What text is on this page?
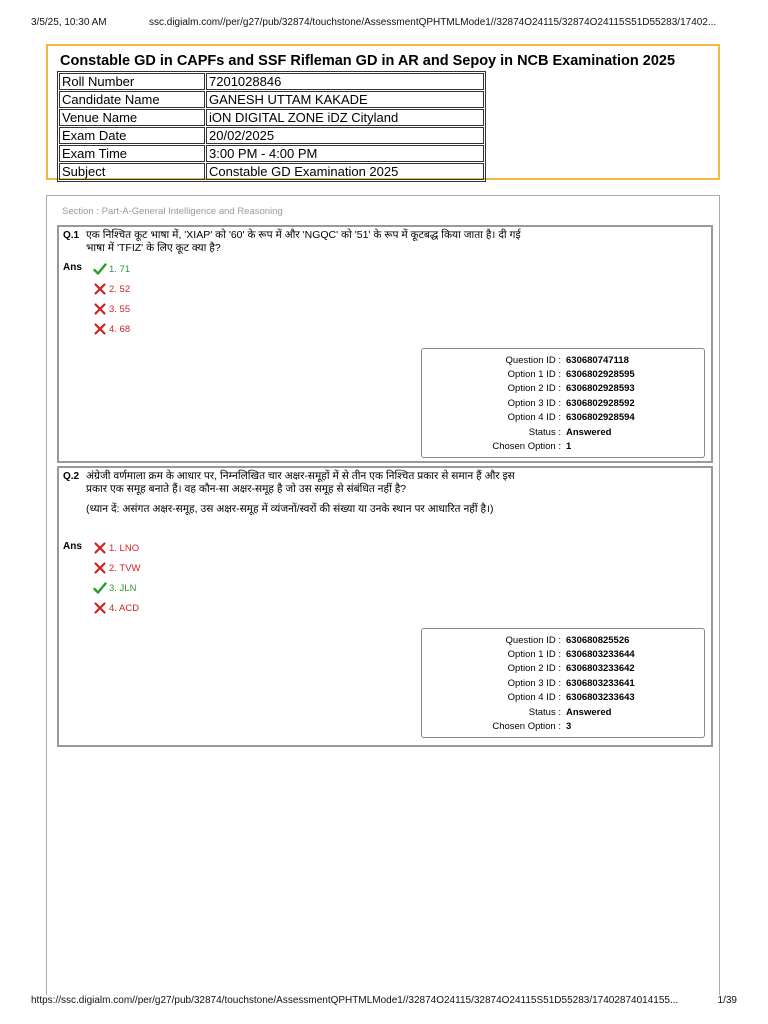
3/5/25, 10:30 AM	ssc.digialm.com//per/g27/pub/32874/touchstone/AssessmentQPHTMLMode1//32874O24115/32874O24115S51D55283/17402...
Constable GD in CAPFs and SSF Rifleman GD in AR and Sepoy in NCB Examination 2025
Roll Number	7201028846
Candidate Name	GANESH UTTAM KAKADE
Venue Name	iON DIGITAL ZONE iDZ Cityland
Exam Date	20/02/2025
Exam Time	3:00 PM - 4:00 PM
Subject	Constable GD Examination 2025
Section : Part-A-General Intelligence and Reasoning
Q.1 एक निश्चित कूट भाषा में, 'XIAP' को '60' के रूप में और 'NGQC' को '51' के रूप में कूटबद्ध किया जाता है। दी गई भाषा में 'TFIZ' के लिए कूट क्या है?

Ans	1. 71
2. 52
3. 55
4. 68
Question ID : 630680747118
Option 1 ID : 6306802928595
Option 2 ID : 6306802928593
Option 3 ID : 6306802928592
Option 4 ID : 6306802928594
Status : Answered
Chosen Option : 1
Q.2 अंग्रेजी वर्णमाला क्रम के आधार पर, निम्नलिखित चार अक्षर-समूहों में से तीन एक निश्चित प्रकार से समान हैं और इस प्रकार एक समूह बनाते हैं। वह कौन-सा अक्षर-समूह है जो उस समूह से संबंधित नहीं है?

(ध्यान दें: असंगत अक्षर-समूह, उस अक्षर-समूह में व्यंजनों/स्वरों की संख्या या उनके स्थान पर आधारित नहीं है।)

Ans	1. LNO
2. TVW
3. JLN
4. ACD
Question ID : 630680825526
Option 1 ID : 6306803233644
Option 2 ID : 6306803233642
Option 3 ID : 6306803233641
Option 4 ID : 6306803233643
Status : Answered
Chosen Option : 3
https://ssc.digialm.com//per/g27/pub/32874/touchstone/AssessmentQPHTMLMode1//32874O24115/32874O24115S51D55283/17402874014155...	1/39
